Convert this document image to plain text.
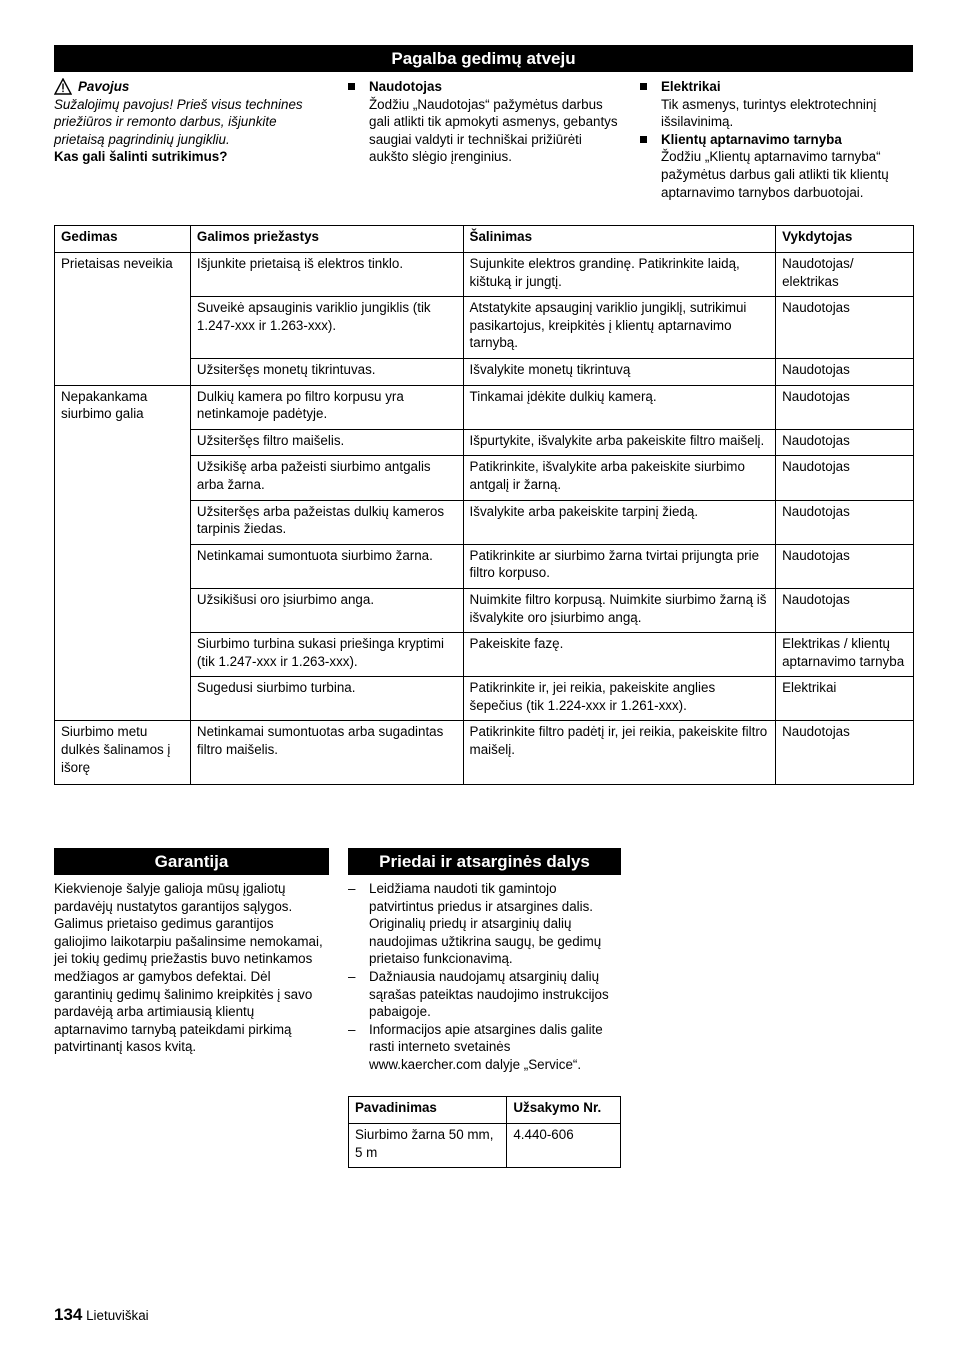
Pagalba gedimų atveju
Pavojus
Sužalojimų pavojus! Prieš visus technines priežiūros ir remonto darbus, išjunkite prietaisą pagrindinių jungikliu.
Kas gali šalinti sutrikimus?
Naudotojas
Žodžiu „Naudotojas“ pažymėtus darbus gali atlikti tik apmokyti asmenys, gebantys saugiai valdyti ir techniškai prižiūrėti aukšto slėgio įrenginius.
Elektrikai
Tik asmenys, turintys elektrotechninį išsilavinimą.
Klientų aptarnavimo tarnyba
Žodžiu „Klientų aptarnavimo tarnyba“ pažymėtus darbus gali atlikti tik klientų aptarnavimo tarnybos darbuotojai.
Gedimas	Galimos priežastys	Šalinimas	Vykdytojas
Prietaisas neveikia	Išjunkite prietaisą iš elektros tinklo.	Sujunkite elektros grandinę. Patikrinkite laidą, kištuką ir jungtį.	Naudotojas/ elektrikas
	Suveikė apsauginis variklio jungiklis (tik 1.247-xxx ir 1.263-xxx).	Atstatykite apsauginį variklio jungiklį, sutrikimui pasikartojus, kreipkitės į klientų aptarnavimo tarnybą.	Naudotojas
	Užsiteršęs monetų tikrintuvas.	Išvalykite monetų tikrintuvą	Naudotojas
Nepakankama siurbimo galia	Dulkių kamera po filtro korpusu yra netinkamoje padėtyje.	Tinkamai įdėkite dulkių kamerą.	Naudotojas
	Užsiteršęs filtro maišelis.	Išpurtykite, išvalykite arba pakeiskite filtro maišelį.	Naudotojas
	Užsikišę arba pažeisti siurbimo antgalis arba žarna.	Patikrinkite, išvalykite arba pakeiskite siurbimo antgalį ir žarną.	Naudotojas
	Užsiteršęs arba pažeistas dulkių kameros tarpinis žiedas.	Išvalykite arba pakeiskite tarpinį žiedą.	Naudotojas
	Netinkamai sumontuota siurbimo žarna.	Patikrinkite ar siurbimo žarna tvirtai prijungta prie filtro korpuso.	Naudotojas
	Užsikišusi oro įsiurbimo anga.	Nuimkite filtro korpusą. Nuimkite siurbimo žarną iš išvalykite oro įsiurbimo angą.	Naudotojas
	Siurbimo turbina sukasi priešinga kryptimi (tik 1.247-xxx ir 1.263-xxx).	Pakeiskite fazę.	Elektrikas / klientų aptarnavimo tarnyba
	Sugedusi siurbimo turbina.	Patikrinkite ir, jei reikia, pakeiskite anglies šepečius (tik 1.224-xxx ir 1.261-xxx).	Elektrikai
Siurbimo metu dulkės šalinamos į išorę	Netinkamai sumontuotas arba sugadintas filtro maišelis.	Patikrinkite filtro padėtį ir, jei reikia, pakeiskite filtro maišelį.	Naudotojas
Garantija
Kiekvienoje šalyje galioja mūsų įgaliotų pardavėjų nustatytos garantijos sąlygos. Galimus prietaiso gedimus garantijos galiojimo laikotarpiu pašalinsime nemokamai, jei tokių gedimų priežastis buvo netinkamos medžiagos ar gamybos defektai. Dėl garantinių gedimų šalinimo kreipkitės į savo pardavėją arba artimiausią klientų aptarnavimo tarnybą pateikdami pirkimą patvirtinantį kasos kvitą.
Priedai ir atsarginės dalys
– Leidžiama naudoti tik gamintojo patvirtintus priedus ir atsargines dalis. Originalių priedų ir atsarginių dalių naudojimas užtikrina saugų, be gedimų prietaiso funkcionavimą.
– Dažniausia naudojamų atsarginių dalių sąrašas pateiktas naudojimo instrukcijos pabaigoje.
– Informacijos apie atsargines dalis galite rasti interneto svetainės www.kaercher.com dalyje „Service“.
Pavadinimas	Užsakymo Nr.
Siurbimo žarna 50 mm, 5 m	4.440-606
134 Lietuviškai
